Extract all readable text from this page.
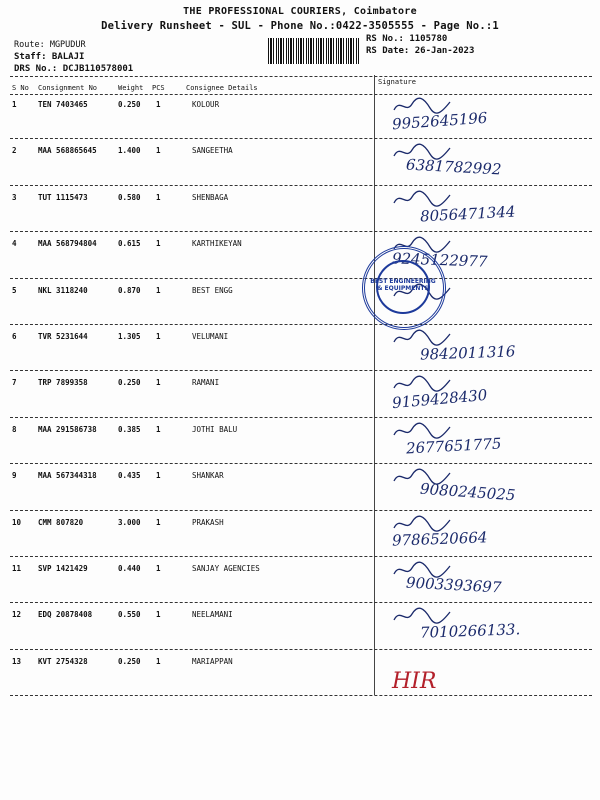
THE PROFESSIONAL COURIERS, Coimbatore
Delivery Runsheet - SUL - Phone No.:0422-3505555 - Page No.:1
Route: MGPUDUR
Staff: BALAJI
DRS No.: DCJB110578001
RS No.: 1105780
RS Date: 26-Jan-2023
S No Consignment No	Weight PCS	Consignee Details
Signature
1	TEN 7403465	0.250 1	KOLOUR
9952645196
2	MAA 568865645	1.400 1	SANGEETHA
6381782992
3	TUT 1115473	0.580 1	SHENBAGA
8056471344
4	MAA 568794804	0.615 1	KARTHIKEYAN
9245122977
5	NKL 3118240	0.870 1	BEST ENGG
6	TVR 5231644	1.305 1	VELUMANI
9842011316
7	TRP 7899358	0.250 1	RAMANI
9159428430
8	MAA 291586738	0.385 1	JOTHI BALU
2677651775
9	MAA 567344318	0.435 1	SHANKAR
9080245025
10 CMM 807820	3.000 1	PRAKASH
9786520664
11 SVP 1421429	0.440 1	SANJAY AGENCIES
9003393697
12 EDQ 20878408	0.550 1	NEELAMANI
7010266133.
13 KVT 2754328	0.250 1	MARIAPPAN
HIR
BEST ENGINEERING & EQUIPMENTS
